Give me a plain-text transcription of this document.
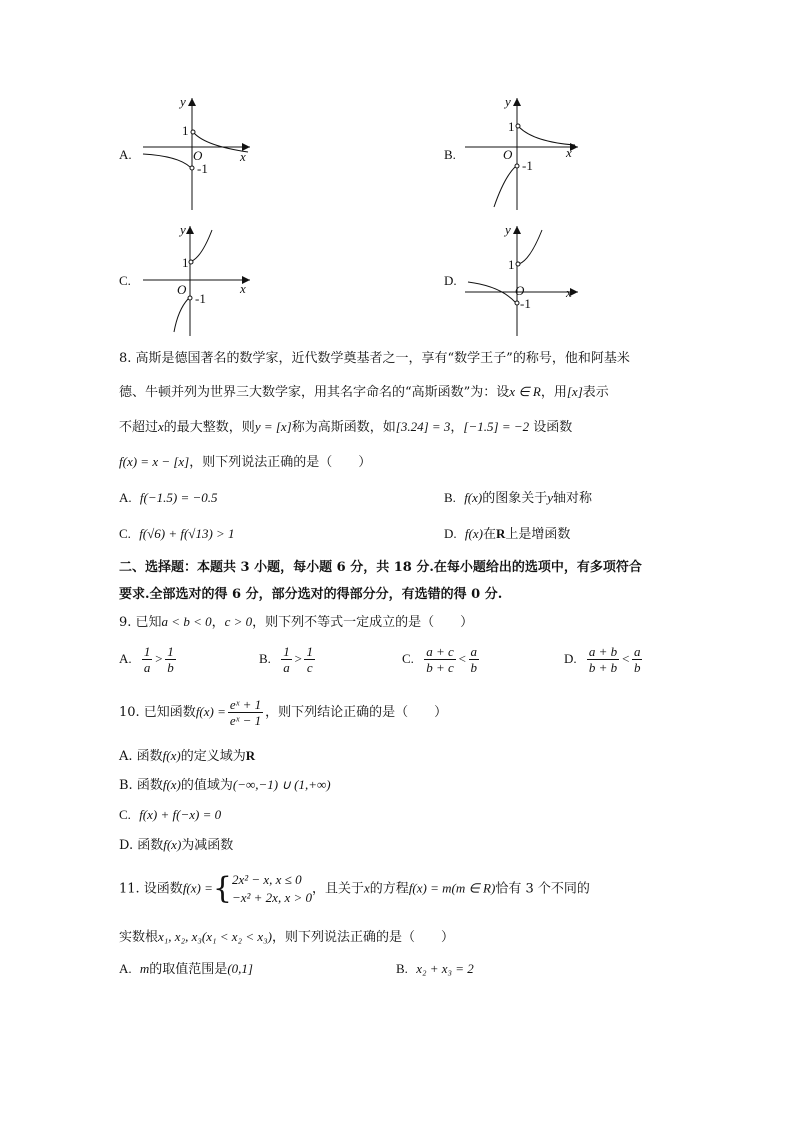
A.
y
x
O
1
-1
B.
y
x
O
1
-1
C.
y
x
O
1
-1
D.
y
x
O
1
-1
8. 高斯是德国著名的数学家，近代数学奠基者之一，享有“数学王子”的称号，他和阿基米
德、牛顿并列为世界三大数学家，用其名字命名的“高斯函数”为：设x ∈ R，用[x]表示
不超过x的最大整数，则y = [x]称为高斯函数，如[3.24] = 3，[−1.5] = −2 设函数
f(x) = x − [x]，则下列说法正确的是（　　）
A. f(−1.5) = −0.5	B. f(x)的图象关于y轴对称
C. f(√6) + f(√13) > 1	D. f(x)在R上是增函数
二、选择题：本题共 3 小题，每小题 6 分，共 18 分.在每小题给出的选项中，有多项符合
要求.全部选对的得 6 分，部分选对的得部分分，有选错的得 0 分.
9. 已知a < b < 0，c > 0，则下列不等式一定成立的是（　　）
A. $\frac{1}{a} > \frac{1}{b}$	B. $\frac{1}{a} > \frac{1}{c}$	C. $\frac{a + c}{b + c} < \frac{a}{b}$	D. $\frac{a + b}{b + b} < \frac{a}{b}$
10. 已知函数$f(x) = \frac{\text{eˣ + 1}}{\text{eˣ − 1}}$ ，则下列结论正确的是（　　）
A. 函数f(x)的定义域为R
B. 函数f(x)的值域为(−∞,−1) ∪ (1,+∞)
C. f(x) + f(−x) = 0
D. 函数f(x)为减函数
11. 设函数f(x) ={ 2x² − x, x ≤ 0
−x² + 2x, x > 0
，且关于x的方程f(x) = m(m ∈ R)恰有 3 个不同的
实数根x₁, x₂, x₃(x₁ < x₂ < x₃)，则下列说法正确的是（　　）
A. m的取值范围是(0,1]	B. x₂ + x₃ = 2
